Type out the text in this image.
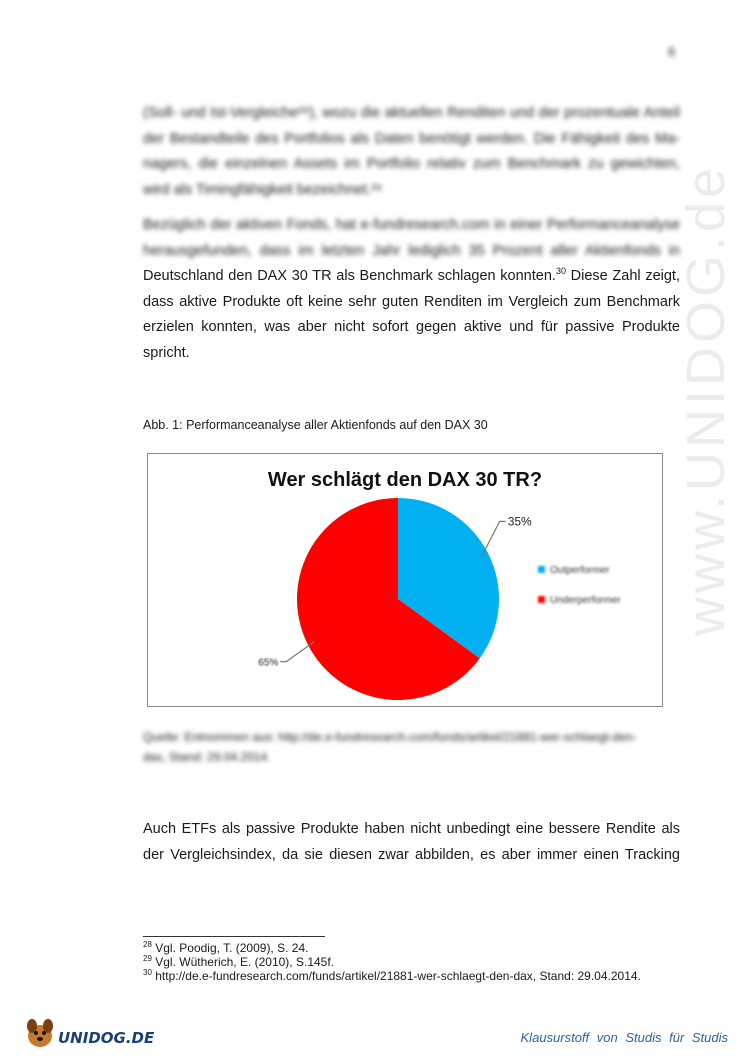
6
www.UNIDOG.de
(Soll- und Ist-Vergleiche²⁸), wozu die aktuellen Renditen und der prozentuale Anteil
der Bestandteile des Portfolios als Daten benötigt werden. Die Fähigkeit des Ma-
nagers, die einzelnen Assets im Portfolio relativ zum Benchmark zu gewichten,
wird als Timingfähigkeit bezeichnet.²⁹
Bezüglich der aktiven Fonds, hat e-fundresearch.com in einer Performanceanalyse
herausgefunden, dass im letzten Jahr lediglich 35 Prozent aller Aktienfonds in
Deutschland den DAX 30 TR als Benchmark schlagen konnten.$^{30}$ Diese Zahl zeigt,
dass aktive Produkte oft keine sehr guten Renditen im Vergleich zum Benchmark
erzielen konnten, was aber nicht sofort gegen aktive und für passive Produkte
spricht.
Abb. 1: Performanceanalyse aller Aktienfonds auf den DAX 30
Wer schlägt den DAX 30 TR?
35%
65%
Outperformer
Underperformer
Quelle: Entnommen aus: http://de.e-fundresearch.com/funds/artikel/21881-wer-schlaegt-den-
dax, Stand: 29.04.2014.
Auch ETFs als passive Produkte haben nicht unbedingt eine bessere Rendite als
der Vergleichsindex, da sie diesen zwar abbilden, es aber immer einen Tracking
$^{28}$ Vgl. Poodig, T. (2009), S. 24.
$^{29}$ Vgl. Wütherich, E. (2010), S.145f.
$^{30}$ http://de.e-fundresearch.com/funds/artikel/21881-wer-schlaegt-den-dax, Stand: 29.04.2014.
UNIDOG.DE	Klausurstoff von Studis für Studis
